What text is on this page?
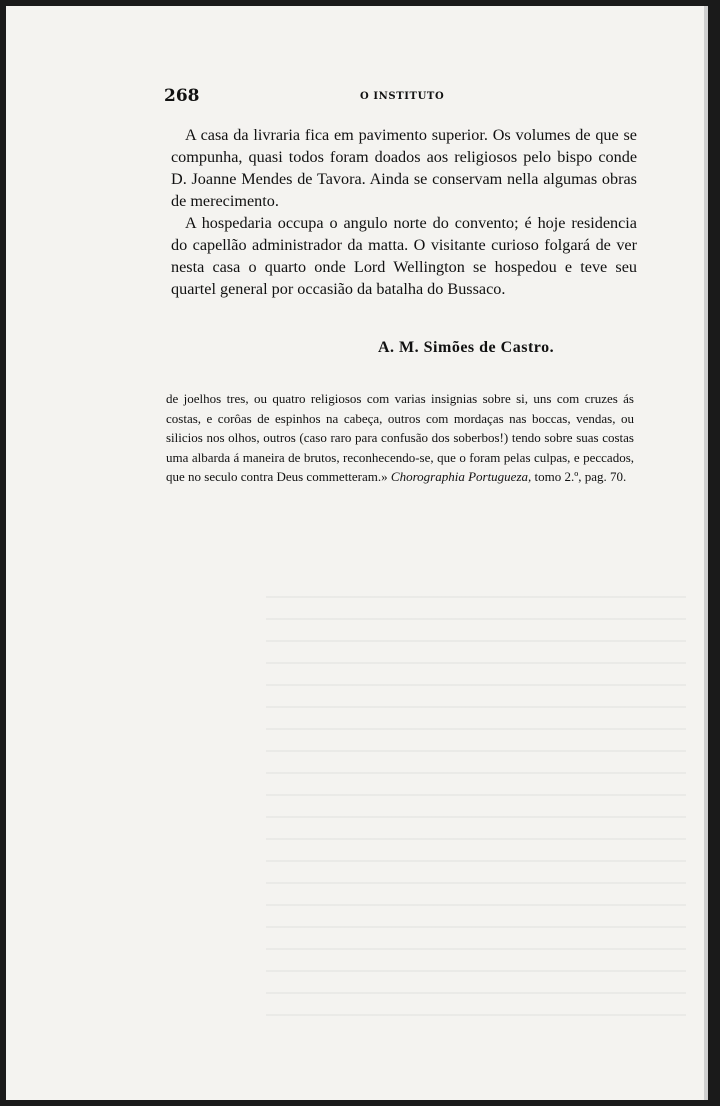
268	O INSTITUTO

A casa da livraria fica em pavimento superior. Os volumes de que se compunha, quasi todos foram doados aos religiosos pelo bispo conde D. Joanne Mendes de Tavora. Ainda se conservam nella algumas obras de merecimento.

A hospedaria occupa o angulo norte do convento; é hoje residencia do capellão administrador da matta. O visitante curioso folgará de ver nesta casa o quarto onde Lord Wellington se hospedou e teve seu quartel general por occasião da batalha do Bussaco.

A. M. Simões de Castro.

de joelhos tres, ou quatro religiosos com varias insignias sobre si, uns com cruzes ás costas, e corôas de espinhos na cabeça, outros com mordaças nas boccas, vendas, ou silicios nos olhos, outros (caso raro para confusão dos soberbos!) tendo sobre suas costas uma albarda á maneira de brutos, reconhecendo-se, que o foram pelas culpas, e peccados, que no seculo contra Deus commetteram.» Chorographia Portugueza, tomo 2.º, pag. 70.
